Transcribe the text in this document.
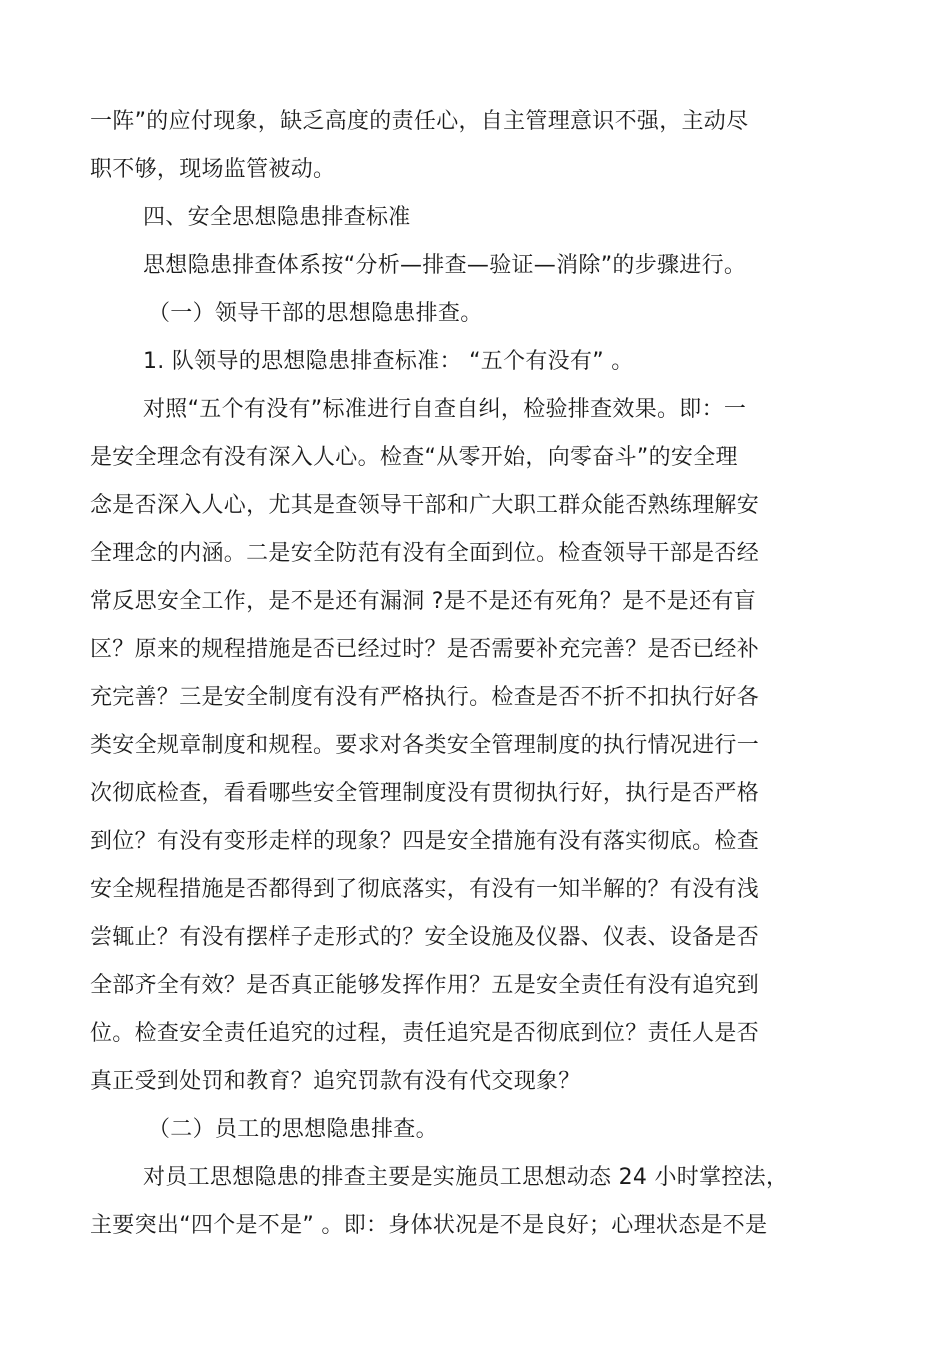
一阵”的应付现象，缺乏高度的责任心，自主管理意识不强，主动尽
职不够，现场监管被动。
四、安全思想隐患排查标准
思想隐患排查体系按“分析—排查—验证—消除”的步骤进行。
（一）领导干部的思想隐患排查。
1. 队领导的思想隐患排查标准： “五个有没有” 。
对照“五个有没有”标准进行自查自纠，检验排查效果。即：一
是安全理念有没有深入人心。检查“从零开始，向零奋斗”的安全理
念是否深入人心，尤其是查领导干部和广大职工群众能否熟练理解安
全理念的内涵。二是安全防范有没有全面到位。检查领导干部是否经
常反思安全工作，是不是还有漏洞 ?是不是还有死角？是不是还有盲
区？原来的规程措施是否已经过时？是否需要补充完善？是否已经补
充完善？三是安全制度有没有严格执行。检查是否不折不扣执行好各
类安全规章制度和规程。要求对各类安全管理制度的执行情况进行一
次彻底检查，看看哪些安全管理制度没有贯彻执行好，执行是否严格
到位？有没有变形走样的现象？四是安全措施有没有落实彻底。检查
安全规程措施是否都得到了彻底落实，有没有一知半解的？有没有浅
尝辄止？有没有摆样子走形式的？安全设施及仪器、仪表、设备是否
全部齐全有效？是否真正能够发挥作用？五是安全责任有没有追究到
位。检查安全责任追究的过程，责任追究是否彻底到位？责任人是否
真正受到处罚和教育？追究罚款有没有代交现象？
（二）员工的思想隐患排查。
对员工思想隐患的排查主要是实施员工思想动态 24 小时掌控法，
主要突出“四个是不是” 。即：身体状况是不是良好；心理状态是不是
